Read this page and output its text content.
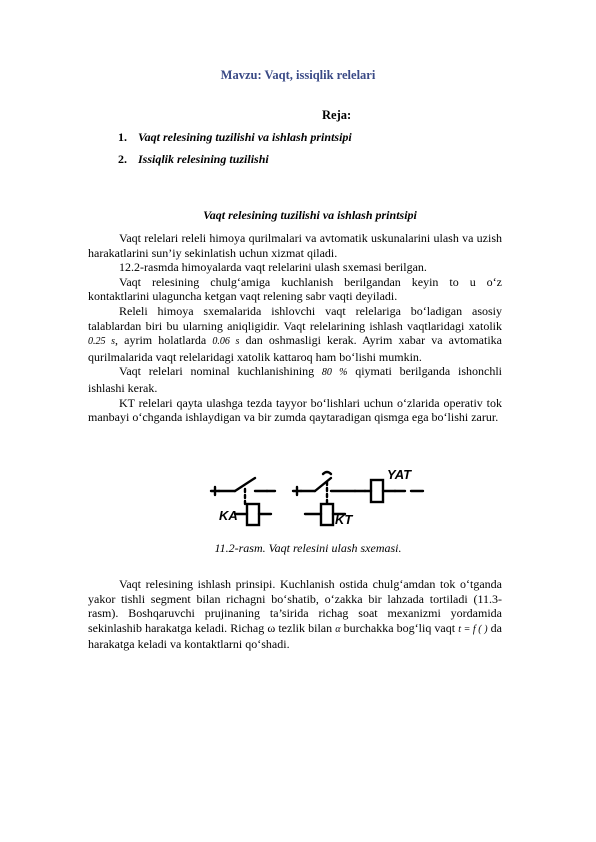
Mavzu: Vaqt, issiqlik relelari
Reja:
1. Vaqt relesining tuzilishi va ishlash printsipi
2. Issiqlik relesining tuzilishi
Vaqt relesining tuzilishi va ishlash printsipi

Vaqt relelari releli himoya qurilmalari va avtomatik uskunalarini ulash va uzish harakatlarini sun’iy sekinlatish uchun xizmat qiladi.

12.2-rasmda himoyalarda vaqt relelarini ulash sxemasi berilgan.

Vaqt relesining chulg‘amiga kuchlanish berilgandan keyin to u o‘z kontaktlarini ulaguncha ketgan vaqt relening sabr vaqti deyiladi.

Releli himoya sxemalarida ishlovchi vaqt relelariga bo‘ladigan asosiy talablardan biri bu ularning aniqligidir. Vaqt relelarining ishlash vaqtlaridagi xatolik 0.25 s, ayrim holatlarda 0.06 s dan oshmasligi kerak. Ayrim xabar va avtomatika qurilmalarida vaqt relelaridagi xatolik kattaroq ham bo‘lishi mumkin.

Vaqt relelari nominal kuchlanishining 80 % qiymati berilganda ishonchli ishlashi kerak.

KT relelari qayta ulashga tezda tayyor bo‘lishlari uchun o‘zlarida operativ tok manbayi o‘chganda ishlaydigan va bir zumda qaytaradigan qismga ega bo‘lishi zarur.

KA	KT
YAT
11.2-rasm. Vaqt relesini ulash sxemasi.

Vaqt relesining ishlash prinsipi. Kuchlanish ostida chulg‘amdan tok o‘tganda yakor tishli segment bilan richagni bo‘shatib, o‘zakka bir lahzada tortiladi (11.3-rasm). Boshqaruvchi prujinaning ta’sirida richag soat mexanizmi yordamida sekinlashib harakatga keladi. Richag ω tezlik bilan α burchakka bog‘liq vaqt t = f ( ) da harakatga keladi va kontaktlarni qo‘shadi.
